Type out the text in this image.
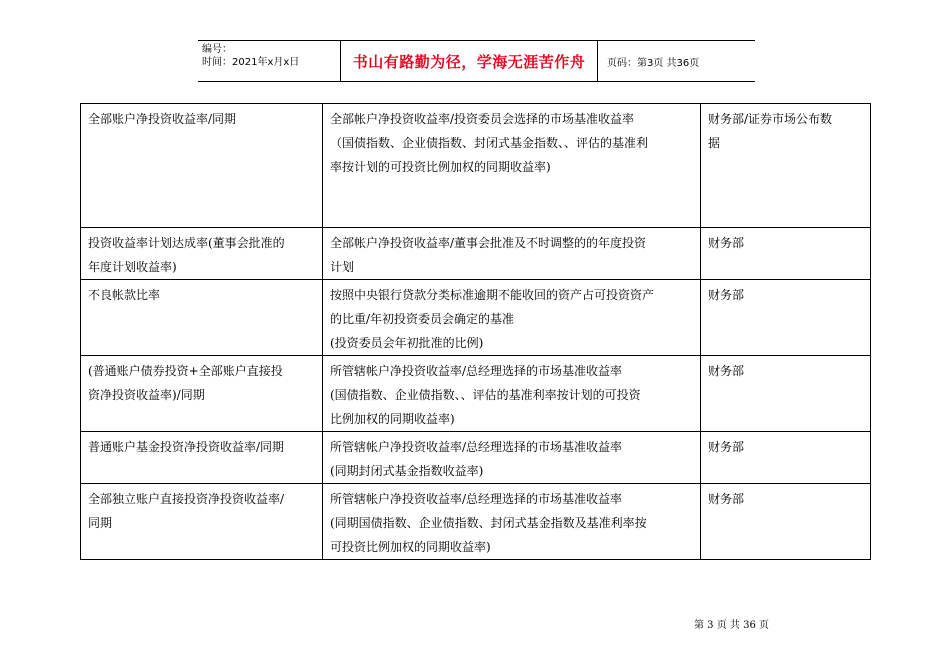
编号：
时间：2021年x月x日	书山有路勤为径，学海无涯苦作舟	页码：第3页 共36页
全部账户净投资收益率/同期	全部帐户净投资收益率/投资委员会选择的市场基准收益率
（国债指数、企业债指数、封闭式基金指数、、评估的基准利
率按计划的可投资比例加权的同期收益率)	财务部/证券市场公布数
据

投资收益率计划达成率(董事会批准的
年度计划收益率)	全部帐户净投资收益率/董事会批准及不时调整的的年度投资
计划	财务部

不良帐款比率	按照中央银行贷款分类标准逾期不能收回的资产占可投资资产
的比重/年初投资委员会确定的基准
(投资委员会年初批准的比例)	财务部

(普通账户债券投资+全部账户直接投
资净投资收益率)/同期	所管辖帐户净投资收益率/总经理选择的市场基准收益率
(国债指数、企业债指数、、评估的基准利率按计划的可投资
比例加权的同期收益率)	财务部

普通账户基金投资净投资收益率/同期	所管辖帐户净投资收益率/总经理选择的市场基准收益率
(同期封闭式基金指数收益率)	财务部

全部独立账户直接投资净投资收益率/
同期	所管辖帐户净投资收益率/总经理选择的市场基准收益率
(同期国债指数、企业债指数、封闭式基金指数及基准利率按
可投资比例加权的同期收益率)	财务部
第 3 页 共 36 页
